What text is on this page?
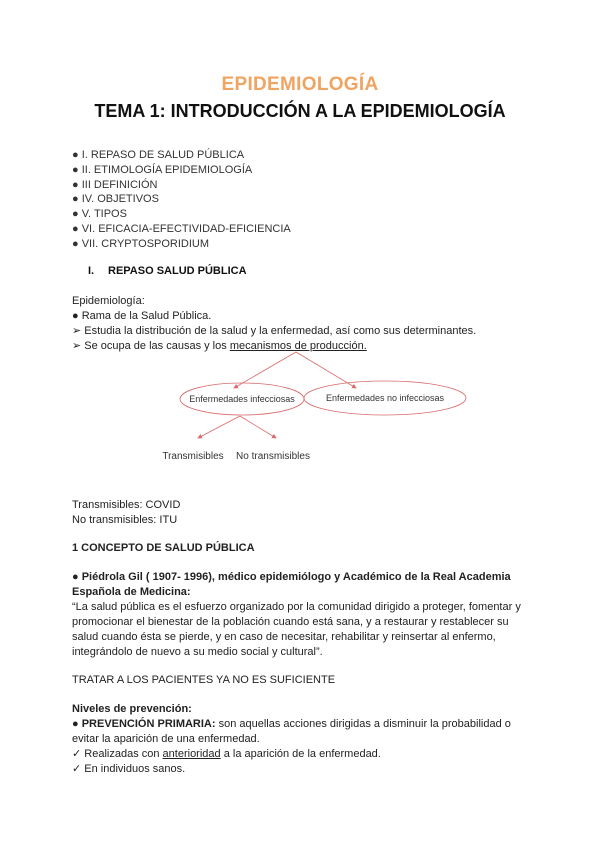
EPIDEMIOLOGÍA
TEMA 1: INTRODUCCIÓN A LA EPIDEMIOLOGÍA
● I. REPASO DE SALUD PÚBLICA
● II. ETIMOLOGÍA EPIDEMIOLOGÍA
● III DEFINICIÓN
● IV. OBJETIVOS
● V. TIPOS
● VI. EFICACIA-EFECTIVIDAD-EFICIENCIA
● VII. CRYPTOSPORIDIUM
I. REPASO SALUD PÚBLICA
Epidemiología:
● Rama de la Salud Pública.
➢ Estudia la distribución de la salud y la enfermedad, así como sus determinantes.
➢ Se ocupa de las causas y los mecanismos de producción.
Enfermedades infecciosas	Enfermedades no infecciosas
Transmisibles No transmisibles
Transmisibles: COVID
No transmisibles: ITU
1 CONCEPTO DE SALUD PÚBLICA
● Piédrola Gil ( 1907- 1996), médico epidemiólogo y Académico de la Real Academia
Española de Medicina:
“La salud pública es el esfuerzo organizado por la comunidad dirigido a proteger, fomentar y
promocionar el bienestar de la población cuando está sana, y a restaurar y restablecer su
salud cuando ésta se pierde, y en caso de necesitar, rehabilitar y reinsertar al enfermo,
integrándolo de nuevo a su medio social y cultural”.
TRATAR A LOS PACIENTES YA NO ES SUFICIENTE
Niveles de prevención:
● PREVENCIÓN PRIMARIA: son aquellas acciones dirigidas a disminuir la probabilidad o
evitar la aparición de una enfermedad.
✓ Realizadas con anterioridad a la aparición de la enfermedad.
✓ En individuos sanos.
